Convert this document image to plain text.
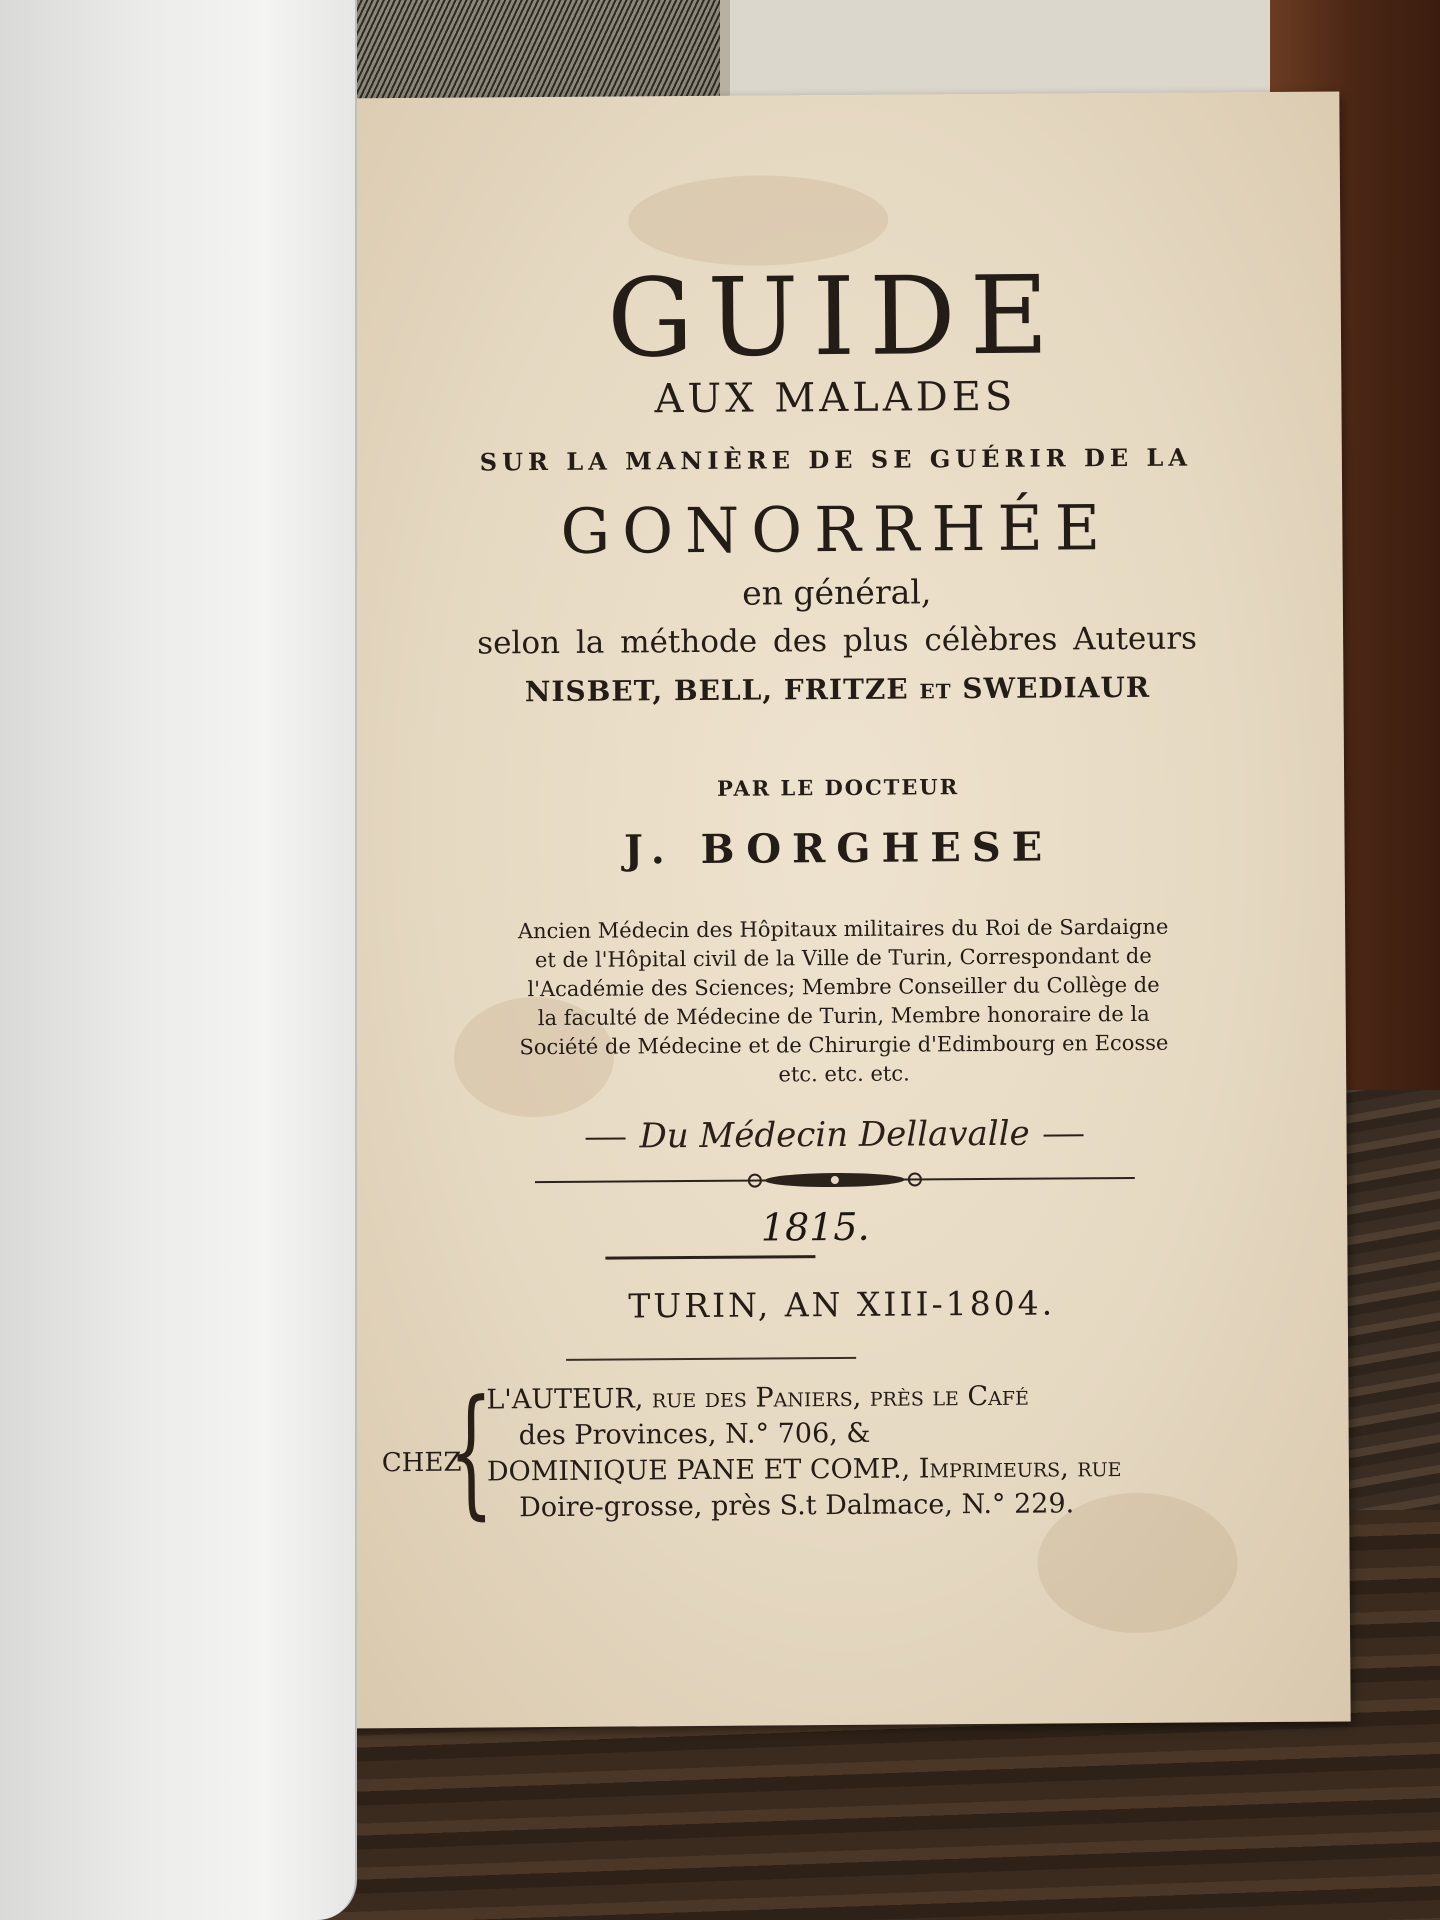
GUIDE
AUX MALADES
SUR LA MANIÈRE DE SE GUÉRIR DE LA
GONORRHÉE
en général,
selon la méthode des plus célèbres Auteurs
NISBET, BELL, FRITZE ET SWEDIAUR
PAR LE DOCTEUR
J. BORGHESE
Ancien Médecin des Hôpitaux militaires du Roi de Sardaigne
et de l'Hôpital civil de la Ville de Turin, Correspondant de
l'Académie des Sciences; Membre Conseiller du Collège de
la faculté de Médecine de Turin, Membre honoraire de la
Société de Médecine et de Chirurgie d'Edimbourg en Ecosse
etc. etc. etc.
Du Médecin Dellavalle
1815.
TURIN, AN XIII-1804.
CHEZ
{
L'AUTEUR, rue des Paniers, près le Café
des Provinces, N.° 706, &
DOMINIQUE PANE ET COMP., Imprimeurs, rue
Doire-grosse, près S.t Dalmace, N.° 229.
